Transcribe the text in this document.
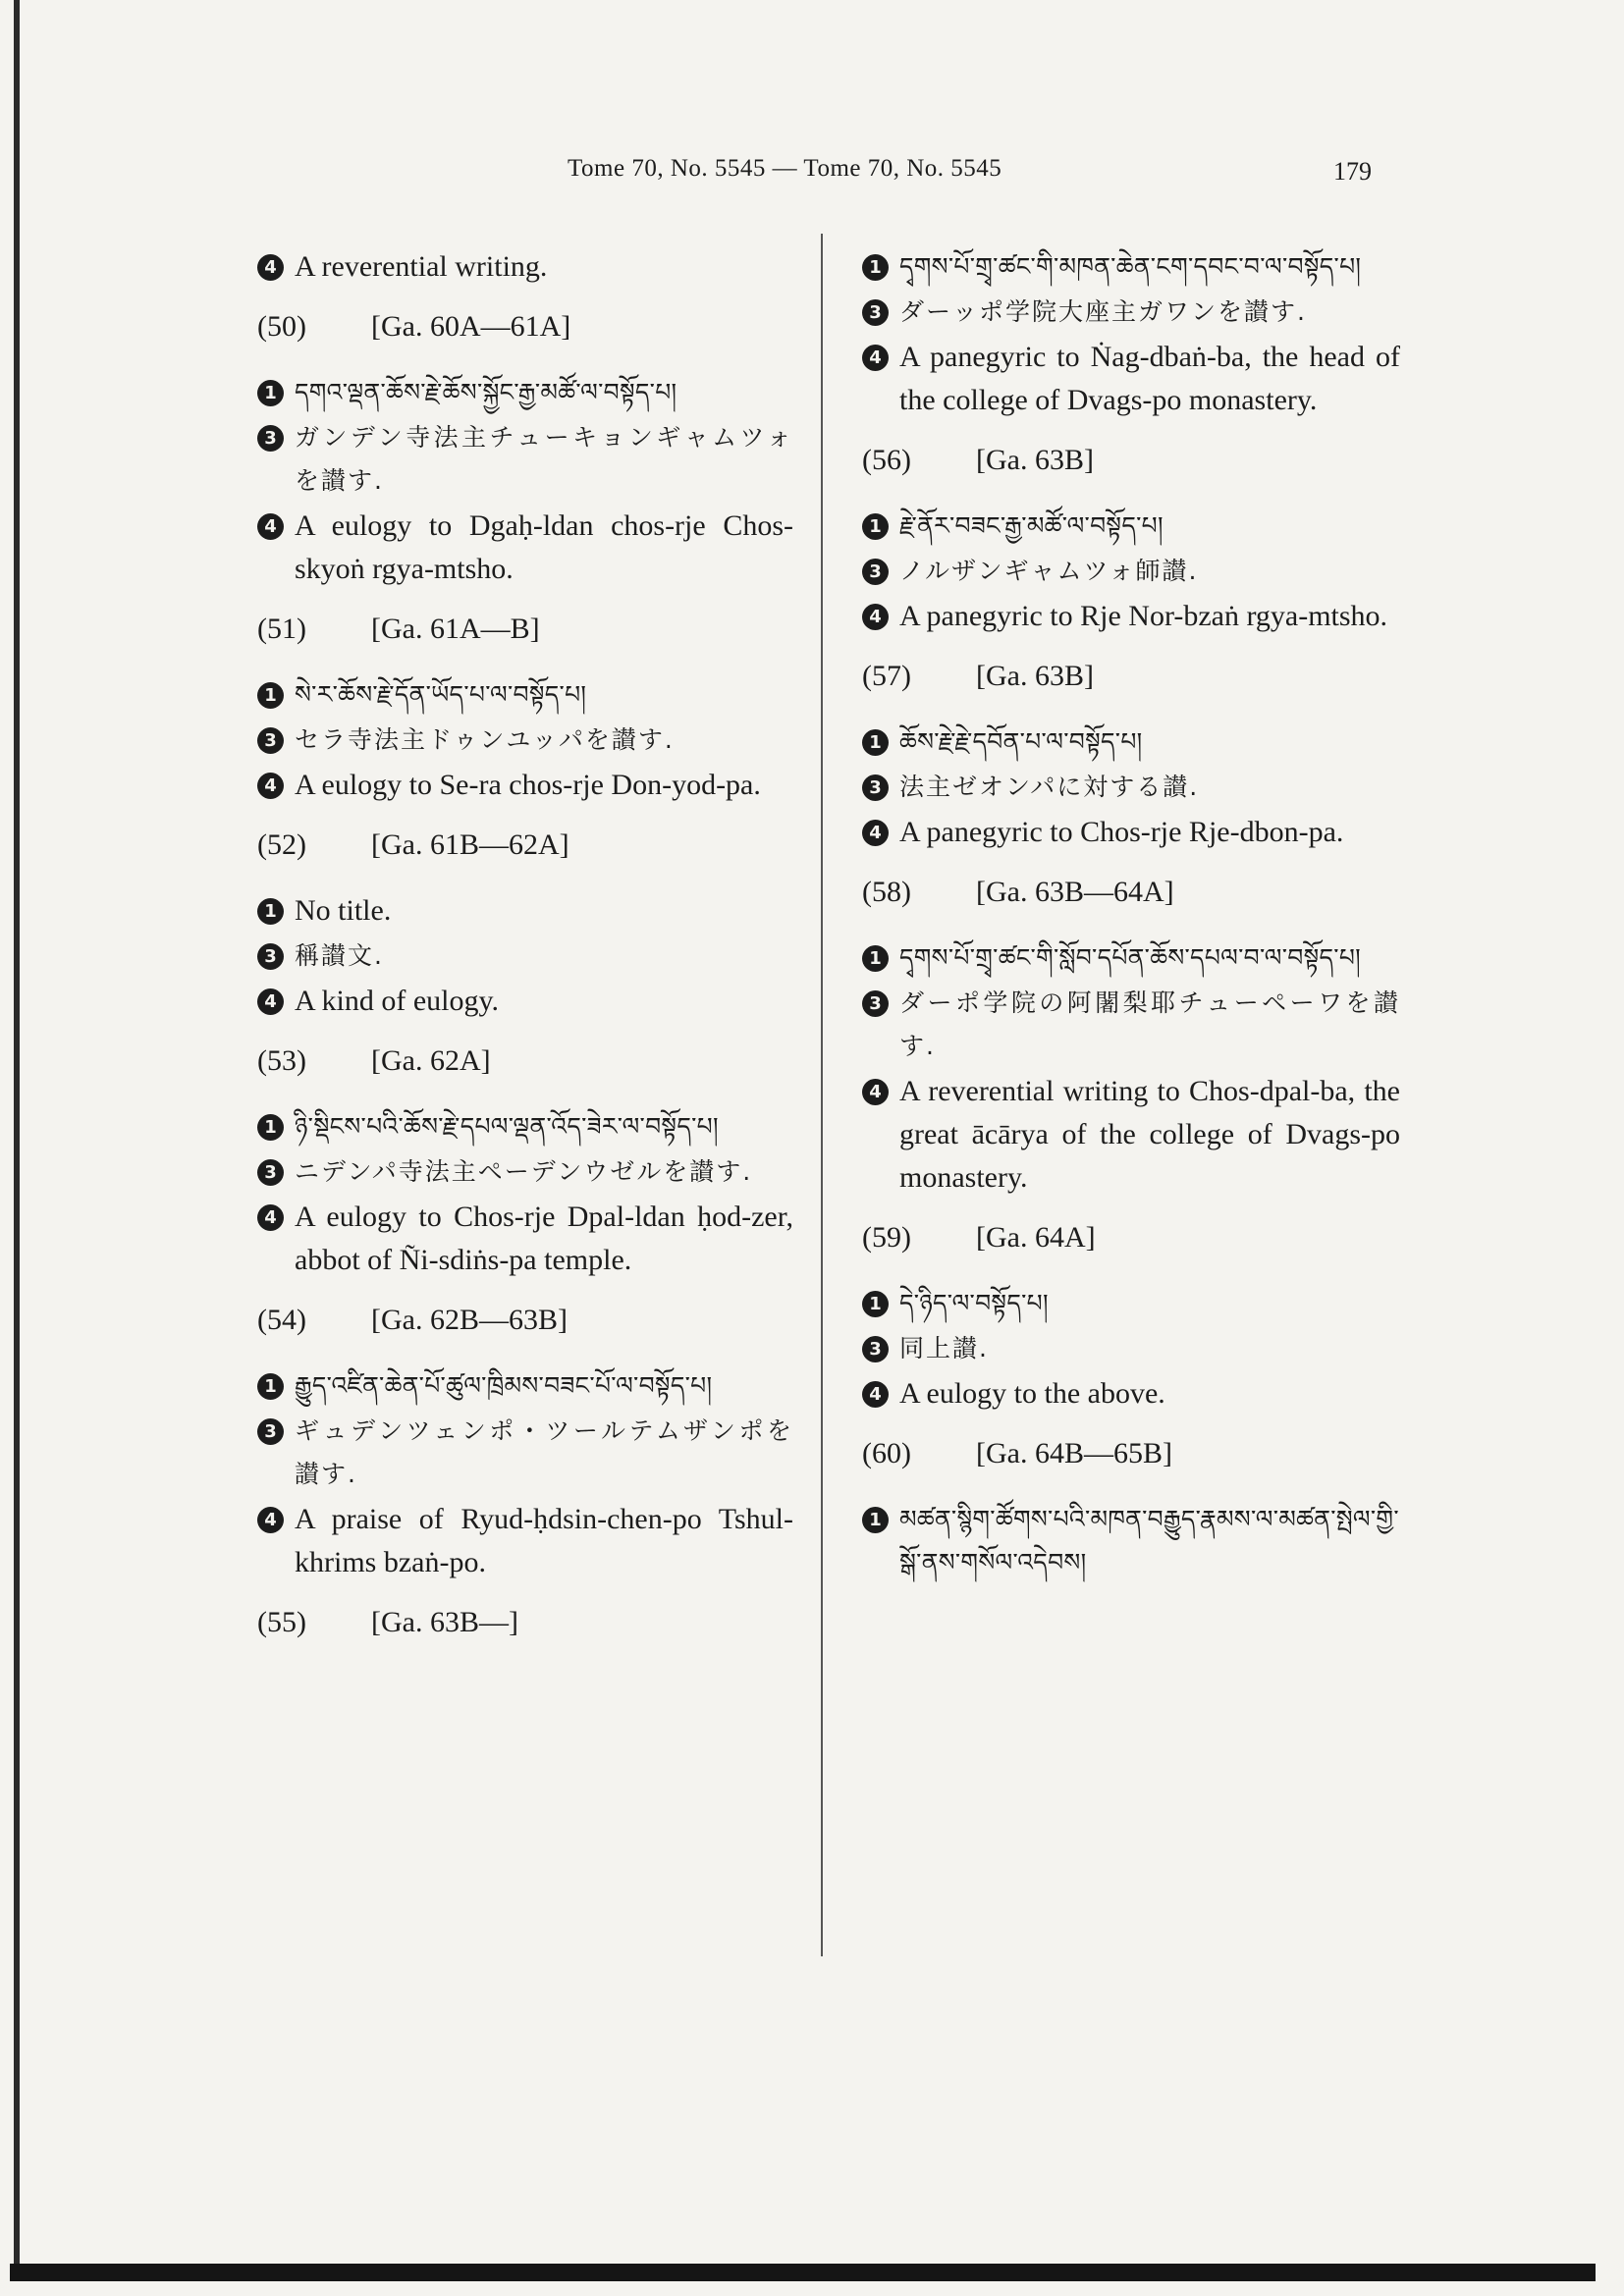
Tome 70, No. 5545 — Tome 70, No. 5545	179
4 A reverential writing.
(50)	[Ga. 60A—61A]
1 དགའ་ལྡན་ཆོས་རྗེ་ཆོས་སྐྱོང་རྒྱ་མཚོ་ལ་བསྟོད་པ།
3 ガンデン寺法主チューキョンギャムツォを讃す.
4 A eulogy to Dgaḥ-ldan chos-rje Chos-skyoṅ rgya-mtsho.
(51)	[Ga. 61A—B]
1 སེ་ར་ཆོས་རྗེ་དོན་ཡོད་པ་ལ་བསྟོད་པ།
3 セラ寺法主ドゥンユッパを讃す.
4 A eulogy to Se-ra chos-rje Don-yod-pa.
(52)	[Ga. 61B—62A]
1 No title.
3 稱讃文.
4 A kind of eulogy.
(53)	[Ga. 62A]
1 ཉི་སྡིངས་པའི་ཆོས་རྗེ་དཔལ་ལྡན་འོད་ཟེར་ལ་བསྟོད་པ།
3 ニデンパ寺法主ペーデンウゼルを讃す.
4 A eulogy to Chos-rje Dpal-ldan ḥod-zer, abbot of Ñi-sdiṅs-pa temple.
(54)	[Ga. 62B—63B]
1 རྒྱུད་འཛིན་ཆེན་པོ་ཚུལ་ཁྲིམས་བཟང་པོ་ལ་བསྟོད་པ།
3 ギュデンツェンポ・ツールテムザンポを讃す.
4 A praise of Ryud-ḥdsin-chen-po Tshul-khrims bzaṅ-po.
(55)	[Ga. 63B—]
1 དྭགས་པོ་གྲྭ་ཚང་གི་མཁན་ཆེན་ངག་དབང་བ་ལ་བསྟོད་པ།
3 ダーッポ学院大座主ガワンを讃す.
4 A panegyric to Ṅag-dbaṅ-ba, the head of the college of Dvags-po monastery.
(56)	[Ga. 63B]
1 རྗེ་ནོར་བཟང་རྒྱ་མཚོ་ལ་བསྟོད་པ།
3 ノルザンギャムツォ師讃.
4 A panegyric to Rje Nor-bzaṅ rgya-mtsho.
(57)	[Ga. 63B]
1 ཆོས་རྗེ་རྗེ་དབོན་པ་ལ་བསྟོད་པ།
3 法主ゼオンパに対する讃.
4 A panegyric to Chos-rje Rje-dbon-pa.
(58)	[Ga. 63B—64A]
1 དྭགས་པོ་གྲྭ་ཚང་གི་སློབ་དཔོན་ཆོས་དཔལ་བ་ལ་བསྟོད་པ།
3 ダーポ学院の阿闍梨耶チューペーワを讃す.
4 A reverential writing to Chos-dpal-ba, the great ācārya of the college of Dvags-po monastery.
(59)	[Ga. 64A]
1 དེ་ཉིད་ལ་བསྟོད་པ།
3 同上讃.
4 A eulogy to the above.
(60)	[Ga. 64B—65B]
1 མཚན་སྙིག་ཚོགས་པའི་མཁན་བརྒྱུད་རྣམས་ལ་མཚན་སྤེལ་གྱི་སྒོ་ནས་གསོལ་འདེབས།
